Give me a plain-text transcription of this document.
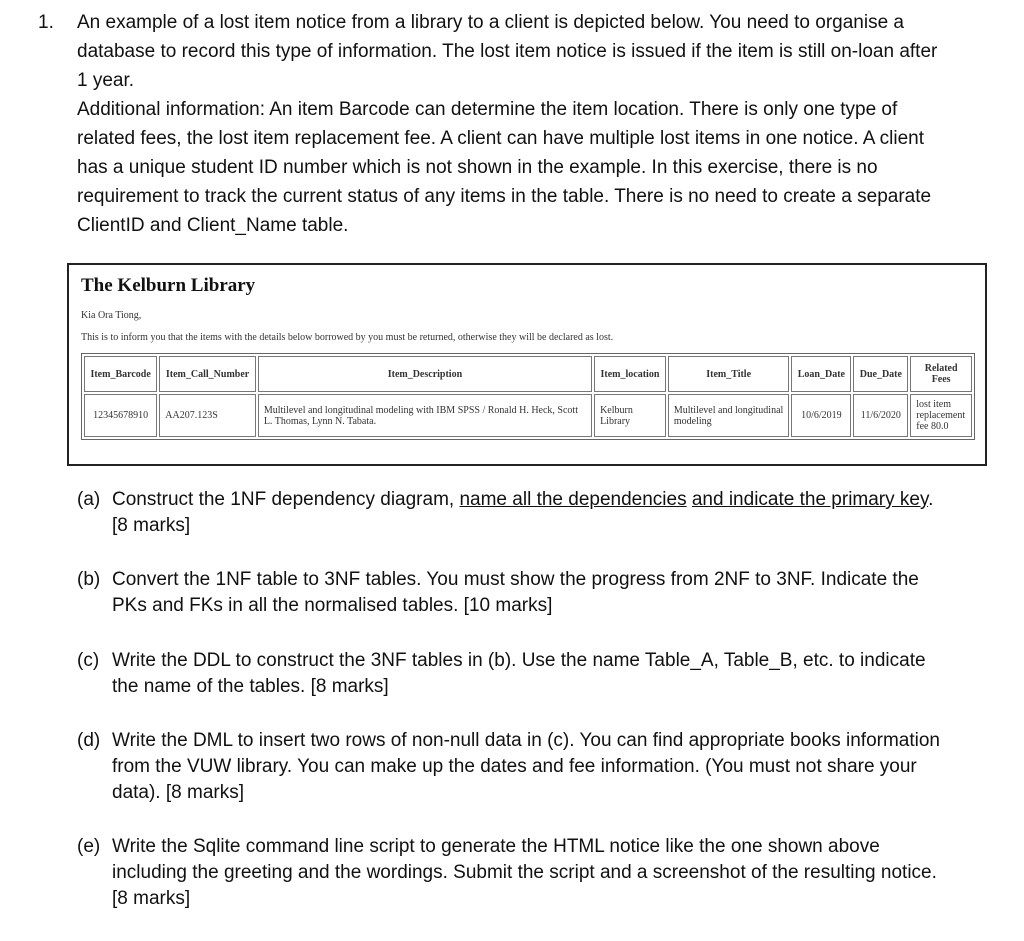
1. An example of a lost item notice from a library to a client is depicted below. You need to organise a database to record this type of information. The lost item notice is issued if the item is still on-loan after 1 year.

Additional information: An item Barcode can determine the item location. There is only one type of related fees, the lost item replacement fee. A client can have multiple lost items in one notice. A client has a unique student ID number which is not shown in the example. In this exercise, there is no requirement to track the current status of any items in the table. There is no need to create a separate ClientID and Client_Name table.

The Kelburn Library
Kia Ora Tiong,
This is to inform you that the items with the details below borrowed by you must be returned, otherwise they will be declared as lost.
Item_Barcode	Item_Call_Number	Item_Description	Item_location	Item_Title	Loan_Date	Due_Date	Related Fees
12345678910	AA207.123S	Multilevel and longitudinal modeling with IBM SPSS / Ronald H. Heck, Scott L. Thomas, Lynn N. Tabata.	Kelburn Library	Multilevel and longitudinal modeling	10/6/2019	11/6/2020	lost item replacement fee 80.0
(a) Construct the 1NF dependency diagram, name all the dependencies and indicate the primary key. [8 marks]
(b) Convert the 1NF table to 3NF tables. You must show the progress from 2NF to 3NF. Indicate the PKs and FKs in all the normalised tables. [10 marks]
(c) Write the DDL to construct the 3NF tables in (b). Use the name Table_A, Table_B, etc. to indicate the name of the tables. [8 marks]
(d) Write the DML to insert two rows of non-null data in (c). You can find appropriate books information from the VUW library. You can make up the dates and fee information. (You must not share your data). [8 marks]
(e) Write the Sqlite command line script to generate the HTML notice like the one shown above including the greeting and the wordings. Submit the script and a screenshot of the resulting notice. [8 marks]
